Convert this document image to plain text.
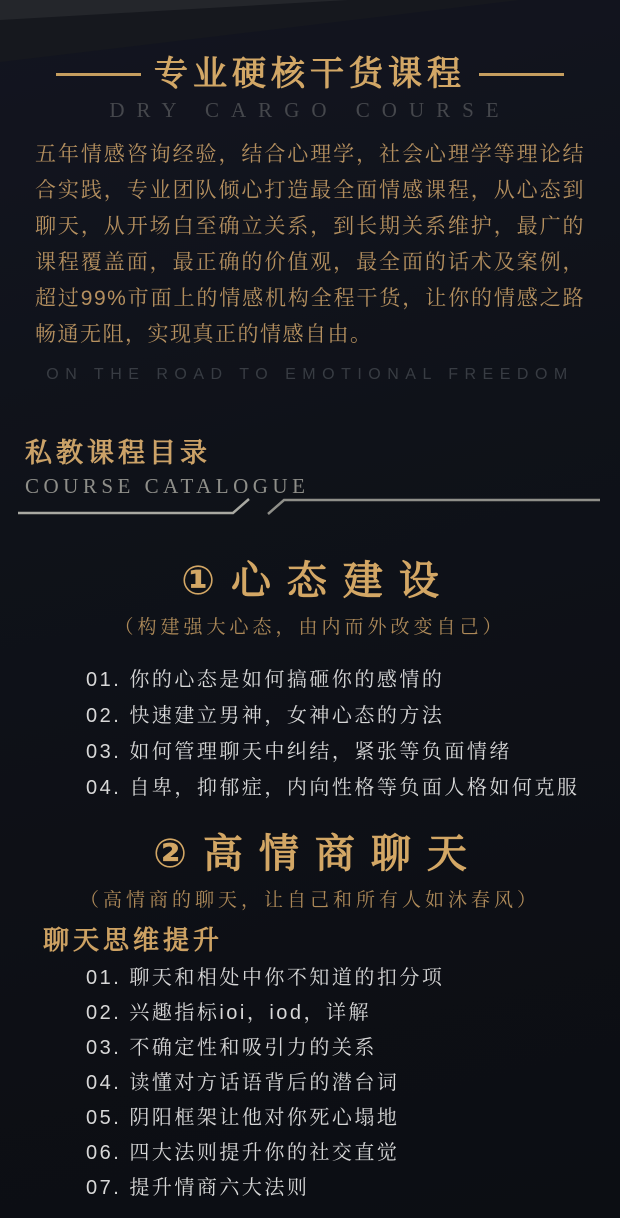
专业硬核干货课程
DRY CARGO COURSE
五年情感咨询经验，结合心理学，社会心理学等理论结合实践，专业团队倾心打造最全面情感课程，从心态到聊天，从开场白至确立关系，到长期关系维护，最广的课程覆盖面，最正确的价值观，最全面的话术及案例，超过99%市面上的情感机构全程干货，让你的情感之路畅通无阻，实现真正的情感自由。
ON THE ROAD TO EMOTIONAL FREEDOM
私教课程目录
COURSE CATALOGUE
①心态建设
（构建强大心态，由内而外改变自己）
01. 你的心态是如何搞砸你的感情的
02. 快速建立男神，女神心态的方法
03. 如何管理聊天中纠结，紧张等负面情绪
04. 自卑，抑郁症，内向性格等负面人格如何克服
②高情商聊天
（高情商的聊天，让自己和所有人如沐春风）
聊天思维提升
01. 聊天和相处中你不知道的扣分项
02. 兴趣指标ioi，iod，详解
03. 不确定性和吸引力的关系
04. 读懂对方话语背后的潜台词
05. 阴阳框架让他对你死心塌地
06. 四大法则提升你的社交直觉
07. 提升情商六大法则
